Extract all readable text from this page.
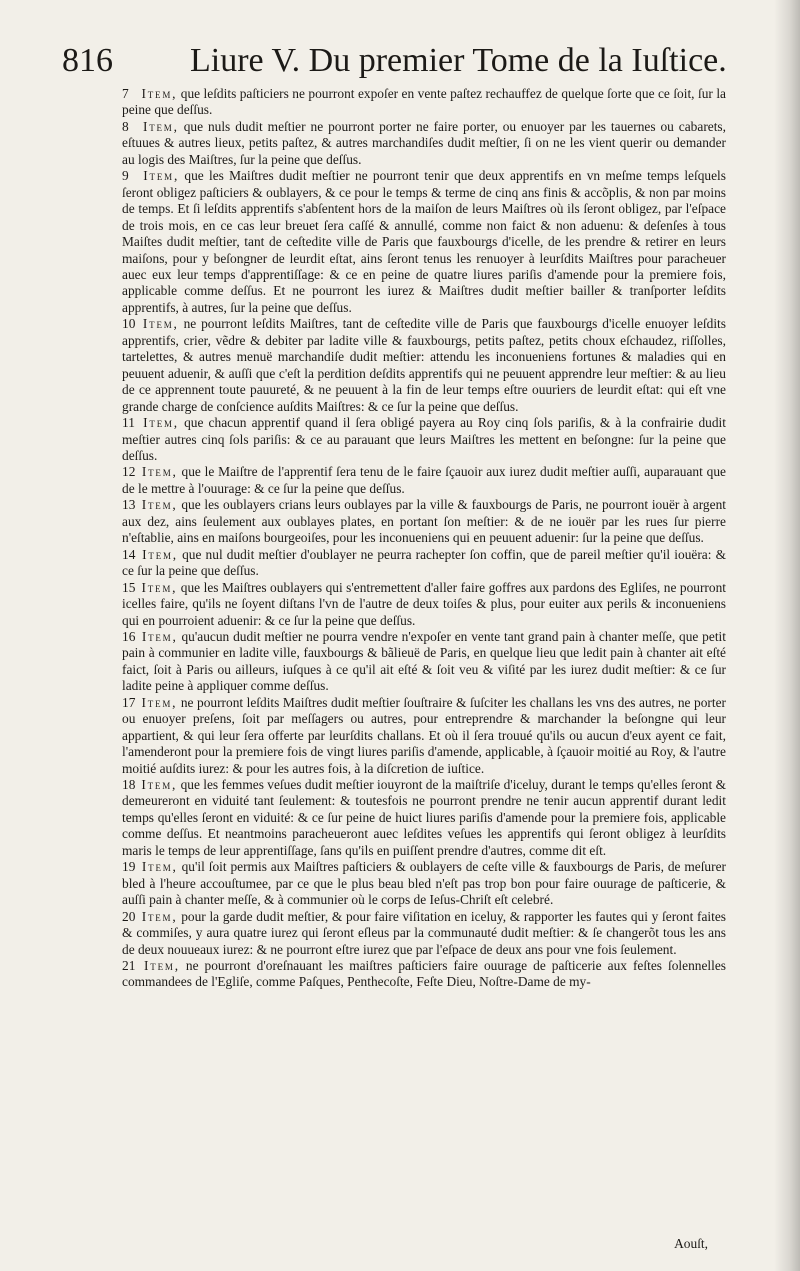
816 Liure V. Du premier Tome de la Iuſtice.

7 Item, que leſdits paſticiers ne pourront expoſer en vente paſtez rechauffez de quelque ſorte que ce ſoit, ſur la peine que deſſus.

8 Item, que nuls dudit meſtier ne pourront porter ne faire porter, ou enuoyer par les tauernes ou cabarets, eſtuues & autres lieux, petits paſtez, & autres marchandiſes dudit meſtier, ſi on ne les vient querir ou demander au logis des Maiſtres, ſur la peine que deſſus.

9 Item, que les Maiſtres dudit meſtier ne pourront tenir que deux apprentifs en vn meſme temps leſquels ſeront obligez paſticiers & oublayers, & ce pour le temps & terme de cinq ans finis & accõplis, & non par moins de temps. Et ſi leſdits apprentifs s'abſentent hors de la maiſon de leurs Maiſtres où ils ſeront obligez, par l'eſpace de trois mois, en ce cas leur breuet ſera caſſé & annullé, comme non faict & non aduenu: & deſenſes à tous Maiſtes dudit meſtier, tant de ceſtedite ville de Paris que fauxbourgs d'icelle, de les prendre & retirer en leurs maiſons, pour y beſongner de leurdit eſtat, ains ſeront tenus les renuoyer à leurſdits Maiſtres pour paracheuer auec eux leur temps d'apprentiſſage: & ce en peine de quatre liures pariſis d'amende pour la premiere fois, applicable comme deſſus. Et ne pourront les iurez & Maiſtres dudit meſtier bailler & tranſporter leſdits apprentifs, à autres, ſur la peine que deſſus.

10 Item, ne pourront leſdits Maiſtres, tant de ceſtedite ville de Paris que fauxbourgs d'icelle enuoyer leſdits apprentifs, crier, vẽdre & debiter par ladite ville & fauxbourgs, petits paſtez, petits choux eſchaudez, riſſolles, tartelettes, & autres menuë marchandiſe dudit meſtier: attendu les inconueniens fortunes & maladies qui en peuuent aduenir, & auſſi que c'eſt la perdition deſdits apprentifs qui ne peuuent apprendre leur meſtier: & au lieu de ce apprennent toute pauureté, & ne peuuent à la fin de leur temps eſtre ouuriers de leurdit eſtat: qui eſt vne grande charge de conſcience auſdits Maiſtres: & ce ſur la peine que deſſus.

11 Item, que chacun apprentif quand il ſera obligé payera au Roy cinq ſols pariſis, & à la confrairie dudit meſtier autres cinq ſols pariſis: & ce au parauant que leurs Maiſtres les mettent en beſongne: ſur la peine que deſſus.

12 Item, que le Maiſtre de l'apprentif ſera tenu de le faire ſçauoir aux iurez dudit meſtier auſſi, auparauant que de le mettre à l'ouurage: & ce ſur la peine que deſſus.

13 Item, que les oublayers crians leurs oublayes par la ville & fauxbourgs de Paris, ne pourront iouër à argent aux dez, ains ſeulement aux oublayes plates, en portant ſon meſtier: & de ne iouër par les rues ſur pierre n'eſtablie, ains en maiſons bourgeoiſes, pour les inconueniens qui en peuuent aduenir: ſur la peine que deſſus.

14 Item, que nul dudit meſtier d'oublayer ne peurra rachepter ſon coffin, que de pareil meſtier qu'il iouëra: & ce ſur la peine que deſſus.

15 Item, que les Maiſtres oublayers qui s'entremettent d'aller faire goffres aux pardons des Egliſes, ne pourront icelles faire, qu'ils ne ſoyent diſtans l'vn de l'autre de deux toiſes & plus, pour euiter aux perils & inconueniens qui en pourroient aduenir: & ce ſur la peine que deſſus.

16 Item, qu'aucun dudit meſtier ne pourra vendre n'expoſer en vente tant grand pain à chanter meſſe, que petit pain à communier en ladite ville, fauxbourgs & bãlieuë de Paris, en quelque lieu que ledit pain à chanter ait eſté faict, ſoit à Paris ou ailleurs, iuſques à ce qu'il ait eſté & ſoit veu & viſité par les iurez dudit meſtier: & ce ſur ladite peine à appliquer comme deſſus.

17 Item, ne pourront leſdits Maiſtres dudit meſtier ſouſtraire & ſuſciter les challans les vns des autres, ne porter ou enuoyer preſens, ſoit par meſſagers ou autres, pour entreprendre & marchander la beſongne qui leur appartient, & qui leur ſera offerte par leurſdits challans. Et où il ſera trouué qu'ils ou aucun d'eux ayent ce fait, l'amenderont pour la premiere fois de vingt liures pariſis d'amende, applicable, à ſçauoir moitié au Roy, & l'autre moitié auſdits iurez: & pour les autres fois, à la diſcretion de iuſtice.

18 Item, que les femmes veſues dudit meſtier iouyront de la maiſtriſe d'iceluy, durant le temps qu'elles ſeront & demeureront en viduité tant ſeulement: & toutesfois ne pourront prendre ne tenir aucun apprentif durant ledit temps qu'elles ſeront en viduité: & ce ſur peine de huict liures pariſis d'amende pour la premiere fois, applicable comme deſſus. Et neantmoins paracheueront auec leſdites veſues les apprentifs qui ſeront obligez à leurſdits maris le temps de leur apprentiſſage, ſans qu'ils en puiſſent prendre d'autres, comme dit eſt.

19 Item, qu'il ſoit permis aux Maiſtres paſticiers & oublayers de ceſte ville & fauxbourgs de Paris, de meſurer bled à l'heure accouſtumee, par ce que le plus beau bled n'eſt pas trop bon pour faire ouurage de paſticerie, & auſſi pain à chanter meſſe, & à communier où le corps de Ieſus-Chriſt eſt celebré.

20 Item, pour la garde dudit meſtier, & pour faire viſitation en iceluy, & rapporter les fautes qui y ſeront faites & commiſes, y aura quatre iurez qui ſeront eſleus par la communauté dudit meſtier: & ſe changerõt tous les ans de deux nouueaux iurez: & ne pourront eſtre iurez que par l'eſpace de deux ans pour vne fois ſeulement.

21 Item, ne pourront d'oreſnauant les maiſtres paſticiers faire ouurage de paſticerie aux feſtes ſolennelles commandees de l'Egliſe, comme Paſques, Penthecoſte, Feſte Dieu, Noſtre-Dame de my-

Aouſt,
